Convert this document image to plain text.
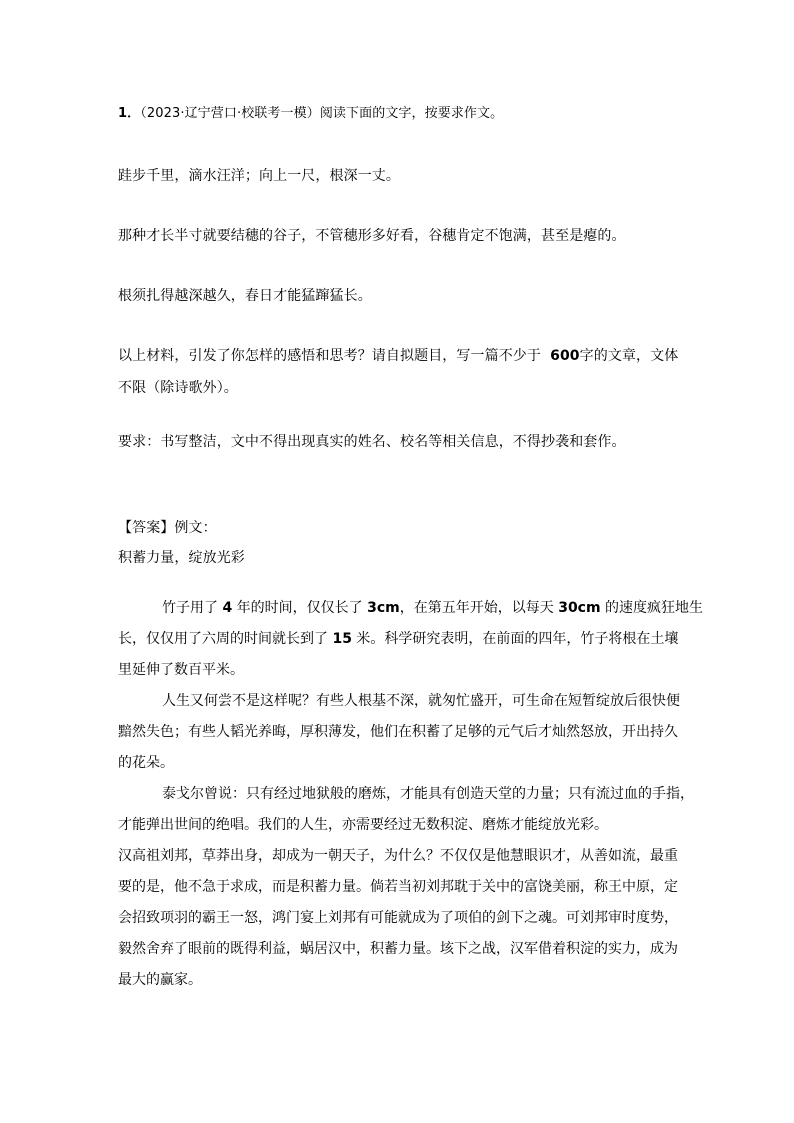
1．（2023·辽宁营口·校联考一模）阅读下面的文字，按要求作文。
跬步千里，滴水汪洋；向上一尺，根深一丈。
那种才长半寸就要结穗的谷子，不管穗形多好看，谷穗肯定不饱满，甚至是瘪的。
根须扎得越深越久，春日才能猛蹿猛长。
以上材料，引发了你怎样的感悟和思考？请自拟题目，写一篇不少于 600字的文章，文体
不限（除诗歌外）。
要求：书写整洁，文中不得出现真实的姓名、校名等相关信息，不得抄袭和套作。
【答案】例文：
积蓄力量，绽放光彩
竹子用了 4 年的时间，仅仅长了 3cm，在第五年开始，以每天 30cm 的速度疯狂地生
长，仅仅用了六周的时间就长到了 15 米。科学研究表明，在前面的四年，竹子将根在土壤
里延伸了数百平米。
人生又何尝不是这样呢？有些人根基不深，就匆忙盛开，可生命在短暂绽放后很快便
黯然失色；有些人韬光养晦，厚积薄发，他们在积蓄了足够的元气后才灿然怒放，开出持久
的花朵。
泰戈尔曾说：只有经过地狱般的磨炼，才能具有创造天堂的力量；只有流过血的手指，
才能弹出世间的绝唱。我们的人生，亦需要经过无数积淀、磨炼才能绽放光彩。
汉高祖刘邦，草莽出身，却成为一朝天子，为什么？不仅仅是他慧眼识才，从善如流，最重
要的是，他不急于求成，而是积蓄力量。倘若当初刘邦耽于关中的富饶美丽，称王中原，定
会招致项羽的霸王一怒，鸿门宴上刘邦有可能就成为了项伯的剑下之魂。可刘邦审时度势，
毅然舍弃了眼前的既得利益，蜗居汉中，积蓄力量。垓下之战，汉军借着积淀的实力，成为
最大的赢家。
